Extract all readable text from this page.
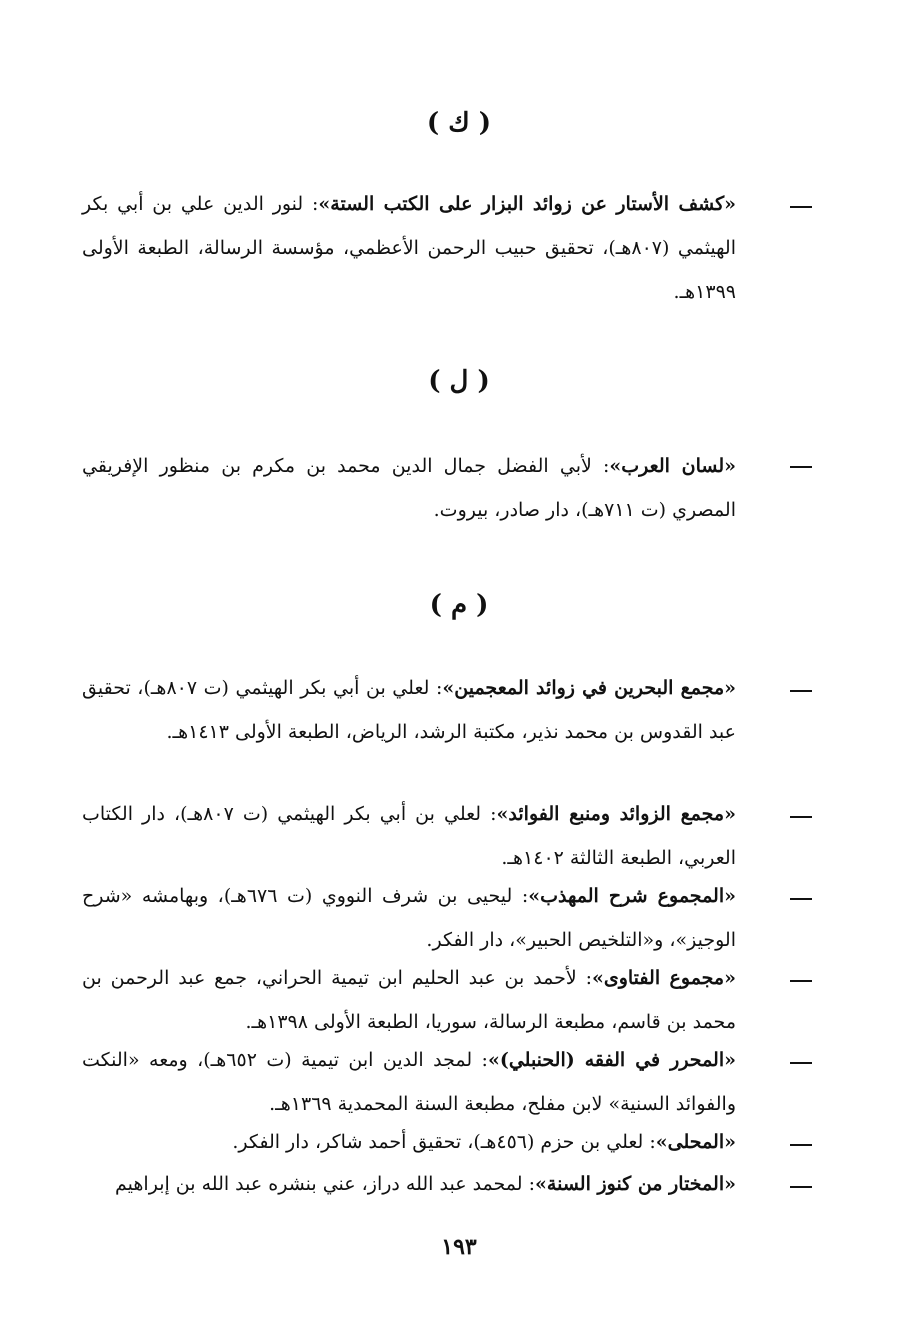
( ك )

«كشف الأستار عن زوائد البزار على الكتب الستة»: لنور الدين علي بن أبي بكر الهيثمي (٨٠٧هـ)، تحقيق حبيب الرحمن الأعظمي، مؤسسة الرسالة، الطبعة الأولى ١٣٩٩هـ.

( ل )

«لسان العرب»: لأبي الفضل جمال الدين محمد بن مكرم بن منظور الإفريقي المصري (ت ٧١١هـ)، دار صادر، بيروت.

( م )

«مجمع البحرين في زوائد المعجمين»: لعلي بن أبي بكر الهيثمي (ت ٨٠٧هـ)، تحقيق عبد القدوس بن محمد نذير، مكتبة الرشد، الرياض، الطبعة الأولى ١٤١٣هـ.

«مجمع الزوائد ومنبع الفوائد»: لعلي بن أبي بكر الهيثمي (ت ٨٠٧هـ)، دار الكتاب العربي، الطبعة الثالثة ١٤٠٢هـ.

«المجموع شرح المهذب»: ليحيى بن شرف النووي (ت ٦٧٦هـ)، وبهامشه «شرح الوجيز»، و«التلخيص الحبير»، دار الفكر.

«مجموع الفتاوى»: لأحمد بن عبد الحليم ابن تيمية الحراني، جمع عبد الرحمن بن محمد بن قاسم، مطبعة الرسالة، سوريا، الطبعة الأولى ١٣٩٨هـ.

«المحرر في الفقه (الحنبلي)»: لمجد الدين ابن تيمية (ت ٦٥٢هـ)، ومعه «النكت والفوائد السنية» لابن مفلح، مطبعة السنة المحمدية ١٣٦٩هـ.

«المحلى»: لعلي بن حزم (٤٥٦هـ)، تحقيق أحمد شاكر، دار الفكر.

«المختار من كنوز السنة»: لمحمد عبد الله دراز، عني بنشره عبد الله بن إبراهيم

١٩٣
